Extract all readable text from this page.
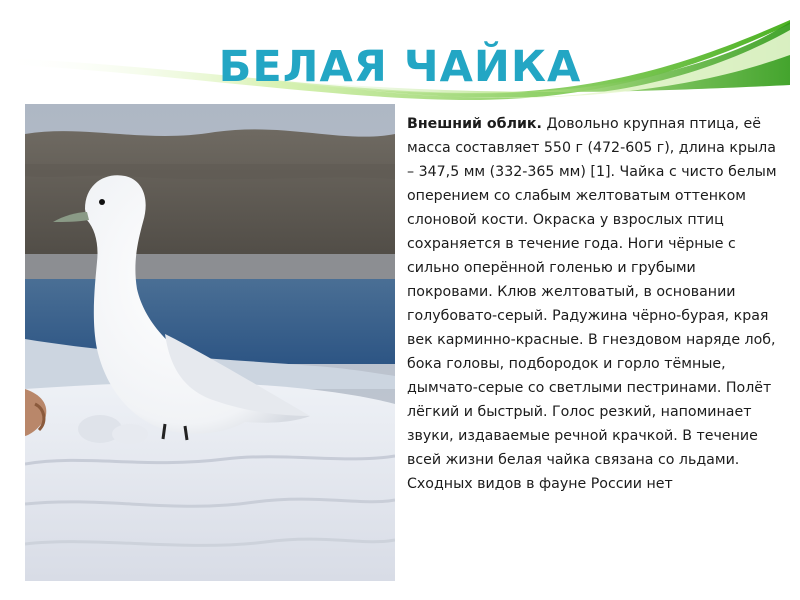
БЕЛАЯ ЧАЙКА

Внешний облик. Довольно крупная птица, её масса составляет 550 г (472-605 г), длина крыла – 347,5 мм (332-365 мм) [1]. Чайка с чисто белым оперением со слабым желтоватым оттенком слоновой кости. Окраска у взрослых птиц сохраняется в течение года. Ноги чёрные с сильно оперённой голенью и грубыми покровами. Клюв желтоватый, в основании голубовато-серый. Радужина чёрно-бурая, края век карминно-красные. В гнездовом наряде лоб, бока головы, подбородок и горло тёмные, дымчато-серые со светлыми пестринами. Полёт лёгкий и быстрый. Голос резкий, напоминает звуки, издаваемые речной крачкой. В течение всей жизни белая чайка связана со льдами. Сходных видов в фауне России нет
